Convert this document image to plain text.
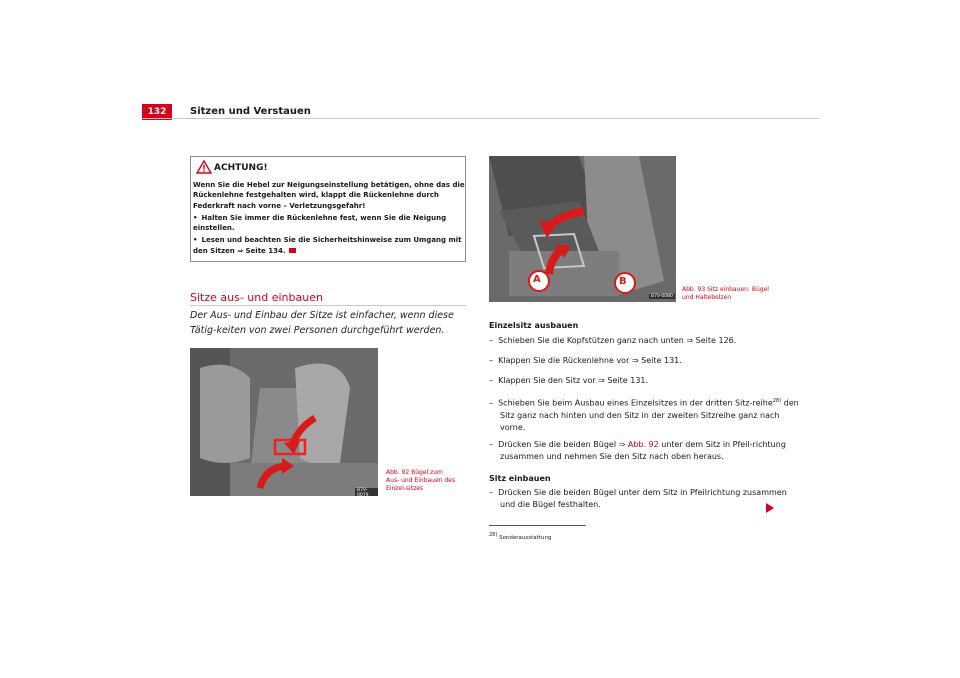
132	Sitzen und Verstauen
ACHTUNG!

Wenn Sie die Hebel zur Neigungseinstellung betätigen, ohne das die Rückenlehne festgehalten wird, klappt die Rückenlehne durch Federkraft nach vorne – Verletzungsgefahr!

• Halten Sie immer die Rückenlehne fest, wenn Sie die Neigung einstellen.

• Lesen und beachten Sie die Sicherheitshinweise zum Umgang mit den Sitzen ⇒ Seite 134.

Sitze aus- und einbauen
Der Aus- und Einbau der Sitze ist einfacher, wenn diese Tätig-keiten von zwei Personen durchgeführt werden.
B7V-0079
Abb. 92 Bügel zum Aus- und Einbauen des Einzel-sitzes
A	B
B7V-0080
Abb. 93 Sitz einbauen: Bügel und Haltebolzen
Einzelsitz ausbauen
– Schieben Sie die Kopfstützen ganz nach unten ⇒ Seite 126.
– Klappen Sie die Rückenlehne vor ⇒ Seite 131.
– Klappen Sie den Sitz vor ⇒ Seite 131.
– Schieben Sie beim Ausbau eines Einzelsitzes in der dritten Sitz-reihe$^{28)}$ den Sitz ganz nach hinten und den Sitz in der zweiten Sitzreihe ganz nach vorne.
– Drücken Sie die beiden Bügel ⇒ Abb. 92 unter dem Sitz in Pfeil-richtung zusammen und nehmen Sie den Sitz nach oben heraus.
Sitz einbauen
– Drücken Sie die beiden Bügel unter dem Sitz in Pfeilrichtung zusammen und die Bügel festhalten.
28) Sonderausstattung
